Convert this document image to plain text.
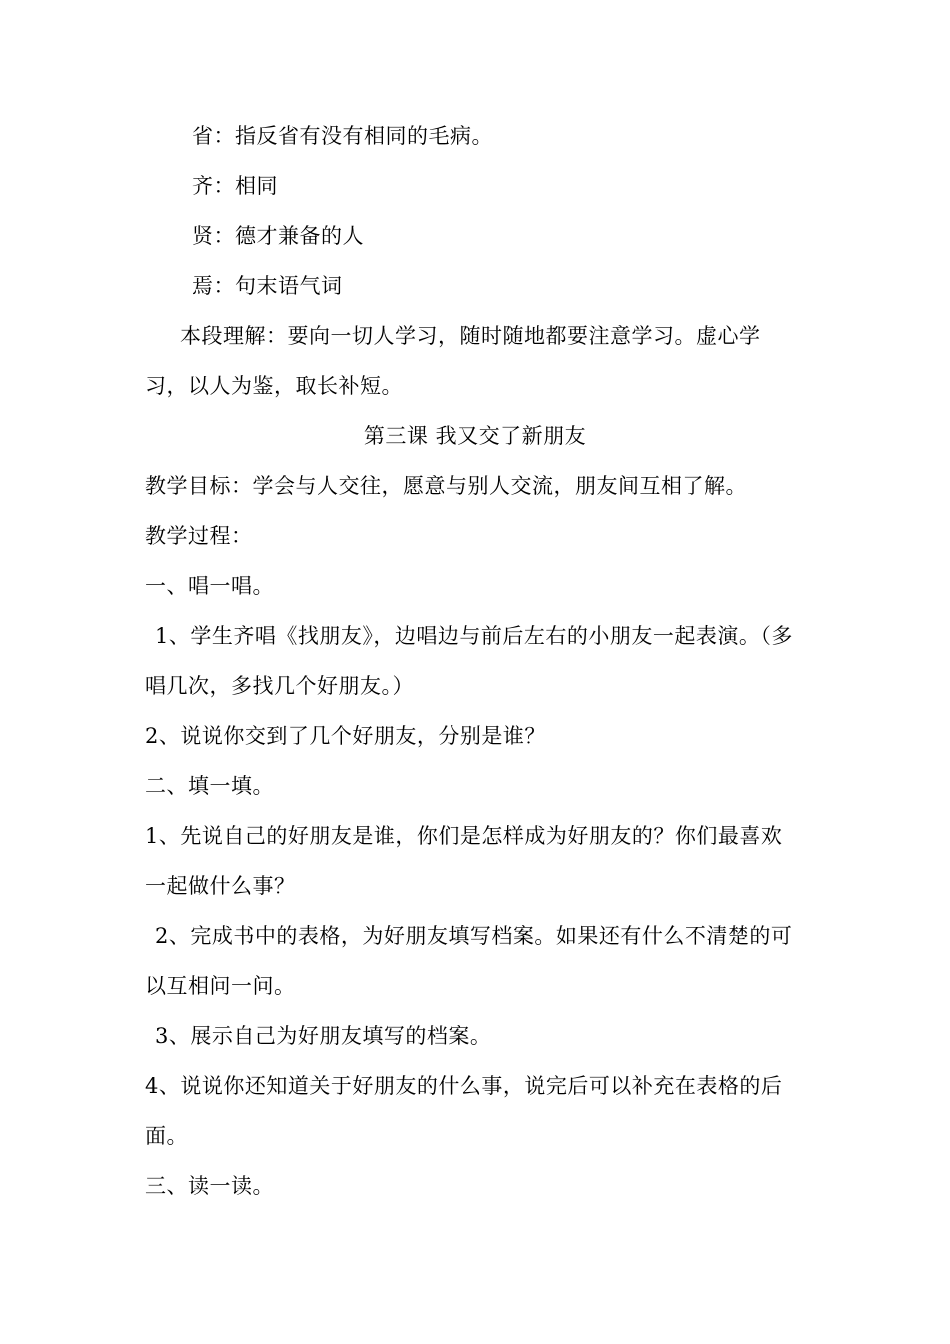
省：指反省有没有相同的毛病。
齐：相同
贤：德才兼备的人
焉：句末语气词
本段理解：要向一切人学习，随时随地都要注意学习。虚心学
习，以人为鉴，取长补短。
第三课 我又交了新朋友
教学目标：学会与人交往，愿意与别人交流，朋友间互相了解。
教学过程：
一、唱一唱。
1、学生齐唱《找朋友》，边唱边与前后左右的小朋友一起表演。（多
唱几次，多找几个好朋友。）
2、说说你交到了几个好朋友，分别是谁？
二、填一填。
1、先说自己的好朋友是谁，你们是怎样成为好朋友的？你们最喜欢
一起做什么事？
2、完成书中的表格，为好朋友填写档案。如果还有什么不清楚的可
以互相问一问。
3、展示自己为好朋友填写的档案。
4、说说你还知道关于好朋友的什么事，说完后可以补充在表格的后
面。
三、读一读。
